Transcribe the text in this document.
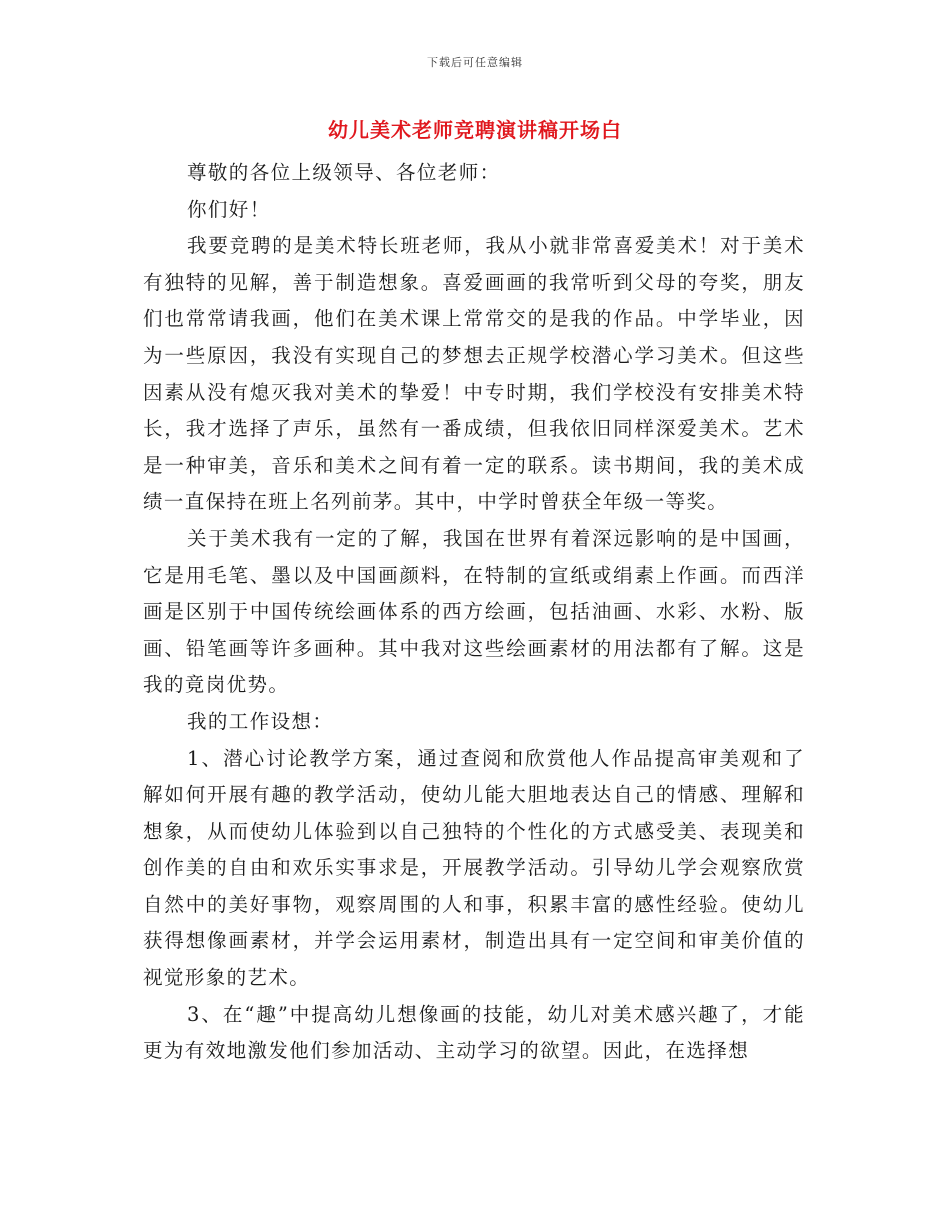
下载后可任意编辑
幼儿美术老师竞聘演讲稿开场白

尊敬的各位上级领导、各位老师：

你们好！

我要竞聘的是美术特长班老师，我从小就非常喜爱美术！对于美术有独特的见解，善于制造想象。喜爱画画的我常听到父母的夸奖，朋友们也常常请我画，他们在美术课上常常交的是我的作品。中学毕业，因为一些原因，我没有实现自己的梦想去正规学校潜心学习美术。但这些因素从没有熄灭我对美术的挚爱！中专时期，我们学校没有安排美术特长，我才选择了声乐，虽然有一番成绩，但我依旧同样深爱美术。艺术是一种审美，音乐和美术之间有着一定的联系。读书期间，我的美术成绩一直保持在班上名列前茅。其中，中学时曾获全年级一等奖。

关于美术我有一定的了解，我国在世界有着深远影响的是中国画，它是用毛笔、墨以及中国画颜料，在特制的宣纸或绢素上作画。而西洋画是区别于中国传统绘画体系的西方绘画，包括油画、水彩、水粉、版画、铅笔画等许多画种。其中我对这些绘画素材的用法都有了解。这是我的竟岗优势。

我的工作设想：

1、潜心讨论教学方案，通过查阅和欣赏他人作品提高审美观和了解如何开展有趣的教学活动，使幼儿能大胆地表达自己的情感、理解和想象，从而使幼儿体验到以自己独特的个性化的方式感受美、表现美和创作美的自由和欢乐实事求是，开展教学活动。引导幼儿学会观察欣赏自然中的美好事物，观察周围的人和事，积累丰富的感性经验。使幼儿获得想像画素材，并学会运用素材，制造出具有一定空间和审美价值的视觉形象的艺术。

3、在“趣”中提高幼儿想像画的技能，幼儿对美术感兴趣了，才能更为有效地激发他们参加活动、主动学习的欲望。因此，在选择想
